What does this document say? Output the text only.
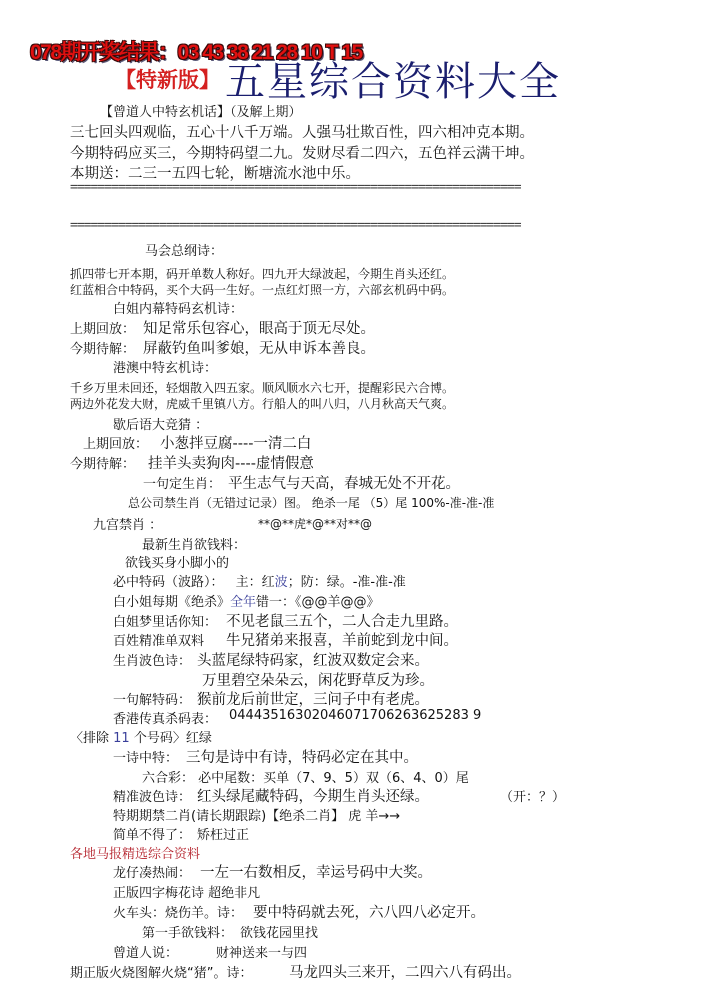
078期开奖结果：03 43 38 21 28 10 T 15
【特新版】 五星综合资料大全
【曾道人中特玄机话】（及解上期）
三七回头四观临，五心十八千万端。人强马壮欺百性，四六相冲克本期。
今期特码应买三，今期特码望二九。发财尽看二四六，五色祥云满干坤。
本期送：二三一五四七轮，断塘流水池中乐。
==================================================================
==================================================================
马会总纲诗：
抓四带七开本期，码开单数人称好。四九开大绿波起，今期生肖头还红。
红蓝相合中特码，买个大码一生好。一点红灯照一方，六部玄机码中码。
白姐内幕特码玄机诗：
上期回放： 知足常乐包容心，眼高于顶无尽处。
今期待解： 屏蔽钓鱼叫爹娘，无从申诉本善良。
港澳中特玄机诗：
千乡万里未回还，轻烟散入四五家。顺风顺水六七开，提醒彩民六合博。
两边外花发大财，虎威千里镇八方。行船人的叫八归，八月秋高天气爽。
歇后语大竞猜 ：
上期回放： 小葱拌豆腐----一清二白
今期待解： 挂羊头卖狗肉----虚情假意
一句定生肖： 平生志气与天高，春城无处不开花。
总公司禁生肖（无错过记录）图。 绝杀一尾 （5）尾 100%-准-准-准
九宫禁肖 ：	**@**虎*@**对**@
最新生肖欲钱料：
欲钱买身小脚小的
必中特码（波路）： 主：红波；防：绿。-准-准-准
白小姐每期《绝杀》全年错一：《@@羊@@》
白姐梦里话你知： 不见老鼠三五个，二人合走九里路。
百姓精准单双料 牛兄猪弟来报喜，羊前蛇到龙中间。
生肖波色诗： 头蓝尾绿特码家，红波双数定会来。
万里碧空朵朵云，闲花野草反为珍。
一句解特码： 猴前龙后前世定，三问子中有老虎。
香港传真杀码表： 04443516302046071706263625283 9
〈排除 11 个号码〉红绿
一诗中特： 三句是诗中有诗，特码必定在其中。
六合彩： 必中尾数：买单（7、9、5）双（6、4、0）尾
精准波色诗： 红头绿尾藏特码，今期生肖头还绿。	（开：？）
特期期禁二肖(请长期跟踪)【绝杀二肖】 虎 羊→→
简单不得了： 矫枉过正
各地马报精选综合资料
龙仔凑热闹： 一左一右数相反，幸运号码中大奖。
正版四字梅花诗 超绝非凡
火车头：烧伤羊。诗： 要中特码就去死，六八四八必定开。
第一手欲钱料： 欲钱花园里找
曾道人说：	财神送来一与四
期正版火烧图解火烧“猪”。诗：	马龙四头三来开，二四六八有码出。
